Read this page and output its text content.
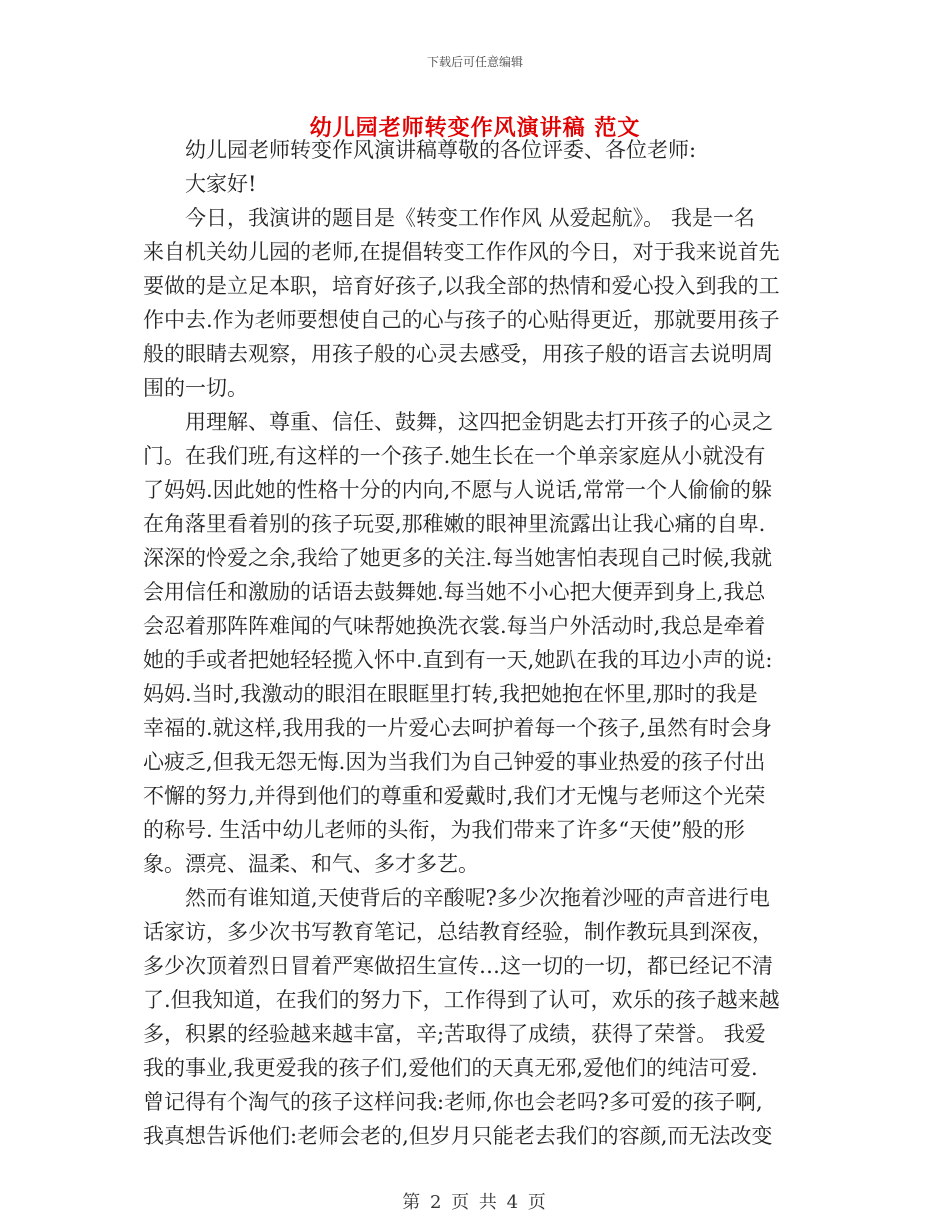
下载后可任意编辑
幼儿园老师转变作风演讲稿 范文
幼儿园老师转变作风演讲稿尊敬的各位评委、各位老师:
大家好!
今日，我演讲的题目是《转变工作作风 从爱起航》。 我是一名
来自机关幼儿园的老师,在提倡转变工作作风的今日，对于我来说首先
要做的是立足本职，培育好孩子,以我全部的热情和爱心投入到我的工
作中去.作为老师要想使自己的心与孩子的心贴得更近，那就要用孩子
般的眼睛去观察，用孩子般的心灵去感受，用孩子般的语言去说明周
围的一切。
用理解、尊重、信任、鼓舞，这四把金钥匙去打开孩子的心灵之
门。在我们班,有这样的一个孩子.她生长在一个单亲家庭从小就没有
了妈妈.因此她的性格十分的内向,不愿与人说话,常常一个人偷偷的躲
在角落里看着别的孩子玩耍,那稚嫩的眼神里流露出让我心痛的自卑.
深深的怜爱之余,我给了她更多的关注.每当她害怕表现自己时候,我就
会用信任和激励的话语去鼓舞她.每当她不小心把大便弄到身上,我总
会忍着那阵阵难闻的气味帮她换洗衣裳.每当户外活动时,我总是牵着
她的手或者把她轻轻揽入怀中.直到有一天,她趴在我的耳边小声的说:
妈妈.当时,我激动的眼泪在眼眶里打转,我把她抱在怀里,那时的我是
幸福的.就这样,我用我的一片爱心去呵护着每一个孩子,虽然有时会身
心疲乏,但我无怨无悔.因为当我们为自己钟爱的事业热爱的孩子付出
不懈的努力,并得到他们的尊重和爱戴时,我们才无愧与老师这个光荣
的称号. 生活中幼儿老师的头衔，为我们带来了许多“天使”般的形
象。漂亮、温柔、和气、多才多艺。
然而有谁知道,天使背后的辛酸呢?多少次拖着沙哑的声音进行电
话家访，多少次书写教育笔记，总结教育经验，制作教玩具到深夜，
多少次顶着烈日冒着严寒做招生宣传…这一切的一切，都已经记不清
了.但我知道，在我们的努力下，工作得到了认可，欢乐的孩子越来越
多，积累的经验越来越丰富，辛;苦取得了成绩，获得了荣誉。 我爱
我的事业,我更爱我的孩子们,爱他们的天真无邪,爱他们的纯洁可爱.
曾记得有个淘气的孩子这样问我:老师,你也会老吗?多可爱的孩子啊,
我真想告诉他们:老师会老的,但岁月只能老去我们的容颜,而无法改变
第 2 页 共 4 页
